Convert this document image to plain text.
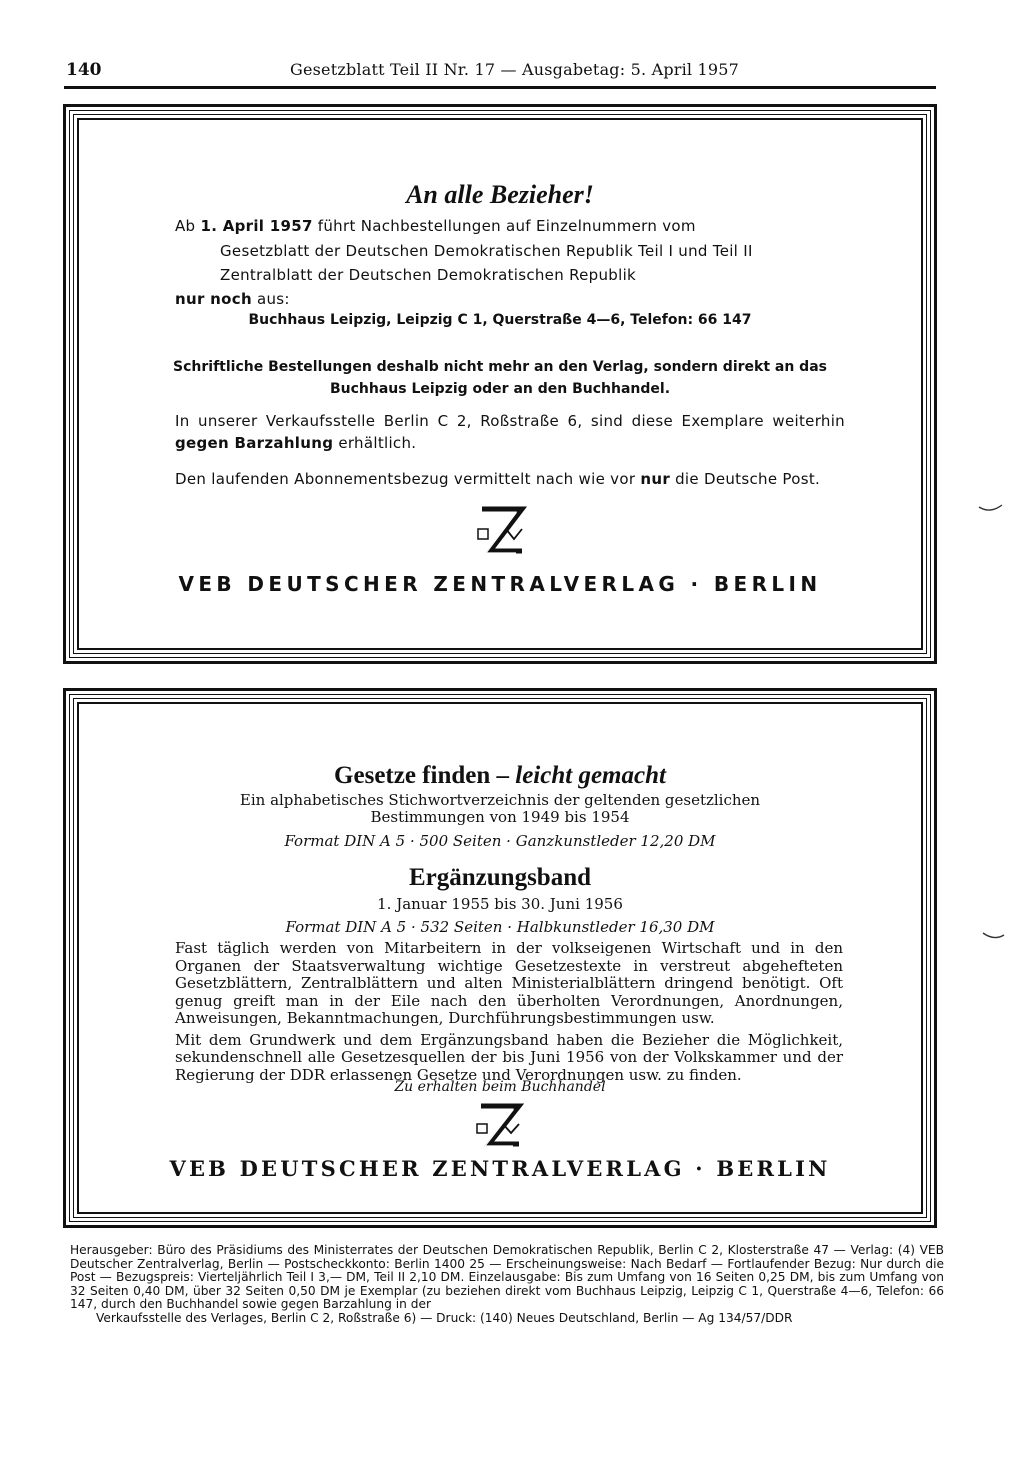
140	Gesetzblatt Teil II Nr. 17 — Ausgabetag: 5. April 1957
An alle Bezieher!
Ab 1. April 1957 führt Nachbestellungen auf Einzelnummern vom
Gesetzblatt der Deutschen Demokratischen Republik Teil I und Teil II
Zentralblatt der Deutschen Demokratischen Republik
nur noch aus:
Buchhaus Leipzig, Leipzig C 1, Querstraße 4—6, Telefon: 66 147
Schriftliche Bestellungen deshalb nicht mehr an den Verlag, sondern direkt an das
Buchhaus Leipzig oder an den Buchhandel.
In unserer Verkaufsstelle Berlin C 2, Roßstraße 6, sind diese Exemplare weiterhin gegen Barzahlung erhältlich.
Den laufenden Abonnementsbezug vermittelt nach wie vor nur die Deutsche Post.
VEB DEUTSCHER ZENTRALVERLAG · BERLIN
Gesetze finden – leicht gemacht
Ein alphabetisches Stichwortverzeichnis der geltenden gesetzlichen
Bestimmungen von 1949 bis 1954
Format DIN A 5 · 500 Seiten · Ganzkunstleder 12,20 DM
Ergänzungsband
1. Januar 1955 bis 30. Juni 1956
Format DIN A 5 · 532 Seiten · Halbkunstleder 16,30 DM

Fast täglich werden von Mitarbeitern in der volkseigenen Wirtschaft und in den Organen der Staatsverwaltung wichtige Gesetzestexte in verstreut abgehefteten Gesetzblättern, Zentralblättern und alten Ministerialblättern dringend benötigt. Oft genug greift man in der Eile nach den überholten Verordnungen, Anordnungen, Anweisungen, Bekanntmachungen, Durchführungsbestimmungen usw.

Mit dem Grundwerk und dem Ergänzungsband haben die Bezieher die Möglichkeit, sekundenschnell alle Gesetzesquellen der bis Juni 1956 von der Volkskammer und der Regierung der DDR erlassenen Gesetze und Verordnungen usw. zu finden.

Zu erhalten beim Buchhandel
VEB DEUTSCHER ZENTRALVERLAG · BERLIN
Herausgeber: Büro des Präsidiums des Ministerrates der Deutschen Demokratischen Republik, Berlin C 2, Klosterstraße 47 — Verlag: (4) VEB Deutscher Zentralverlag, Berlin — Postscheckkonto: Berlin 1400 25 — Erscheinungsweise: Nach Bedarf — Fortlaufender Bezug: Nur durch die Post — Bezugspreis: Vierteljährlich Teil I 3,— DM, Teil II 2,10 DM. Einzelausgabe: Bis zum Umfang von 16 Seiten 0,25 DM, bis zum Umfang von 32 Seiten 0,40 DM, über 32 Seiten 0,50 DM je Exemplar (zu beziehen direkt vom Buchhaus Leipzig, Leipzig C 1, Querstraße 4—6, Telefon: 66 147, durch den Buchhandel sowie gegen Barzahlung in der
Verkaufsstelle des Verlages, Berlin C 2, Roßstraße 6) — Druck: (140) Neues Deutschland, Berlin — Ag 134/57/DDR
